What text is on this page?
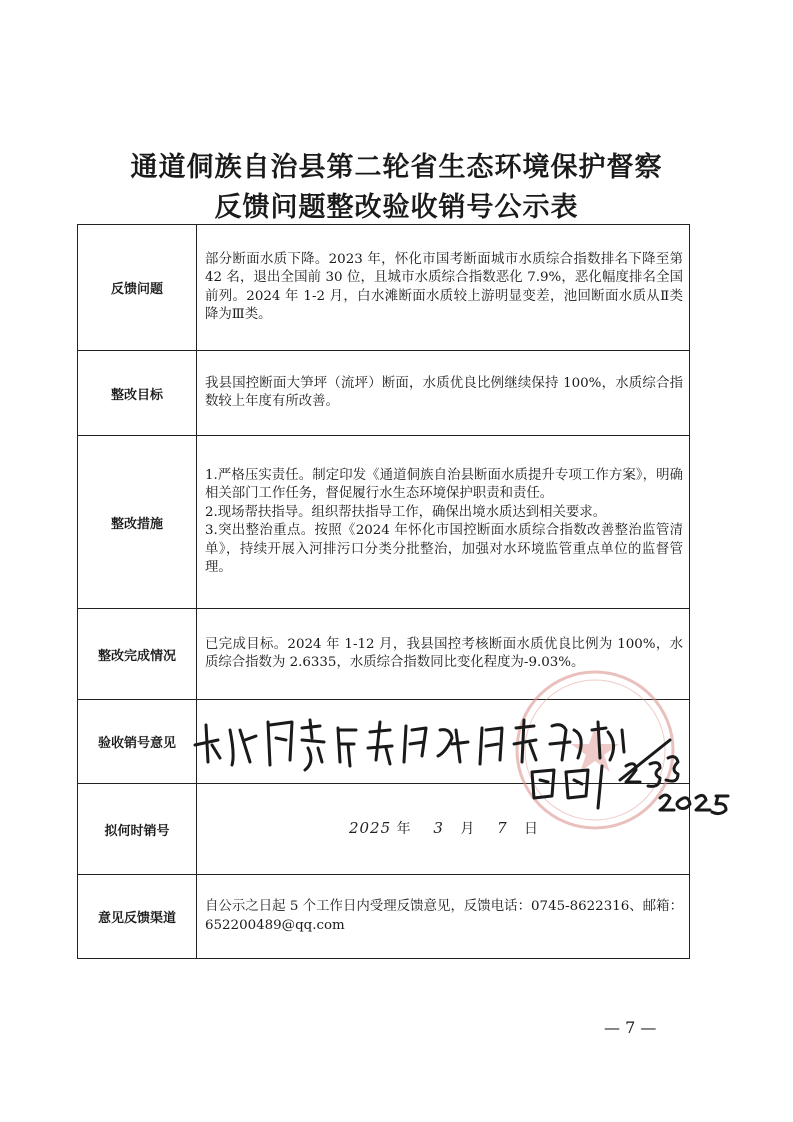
通道侗族自治县第二轮省生态环境保护督察
反馈问题整改验收销号公示表
反馈问题	部分断面水质下降。2023 年，怀化市国考断面城市水质综合指数排名下降至第 42 名，退出全国前 30 位，且城市水质综合指数恶化 7.9%，恶化幅度排名全国前列。2024 年 1-2 月，白水滩断面水质较上游明显变差，池回断面水质从Ⅱ类降为Ⅲ类。
整改目标	我县国控断面大笋坪（流坪）断面，水质优良比例继续保持 100%，水质综合指数较上年度有所改善。
整改措施	1.严格压实责任。制定印发《通道侗族自治县断面水质提升专项工作方案》，明确相关部门工作任务，督促履行水生态环境保护职责和责任。
2.现场帮扶指导。组织帮扶指导工作，确保出境水质达到相关要求。
3.突出整治重点。按照《2024 年怀化市国控断面水质综合指数改善整治监管清单》，持续开展入河排污口分类分批整治，加强对水环境监管重点单位的监督管理。

整改完成情况	已完成目标。2024 年 1-12 月，我县国控考核断面水质优良比例为 100%，水质综合指数为 2.6335，水质综合指数同比变化程度为-9.03%。
验收销号意见	
拟何时销号	2025 年 3 月 7 日
意见反馈渠道	自公示之日起 5 个工作日内受理反馈意见，反馈电话：0745-8622316、邮箱：652200489@qq.com
— 7 —
